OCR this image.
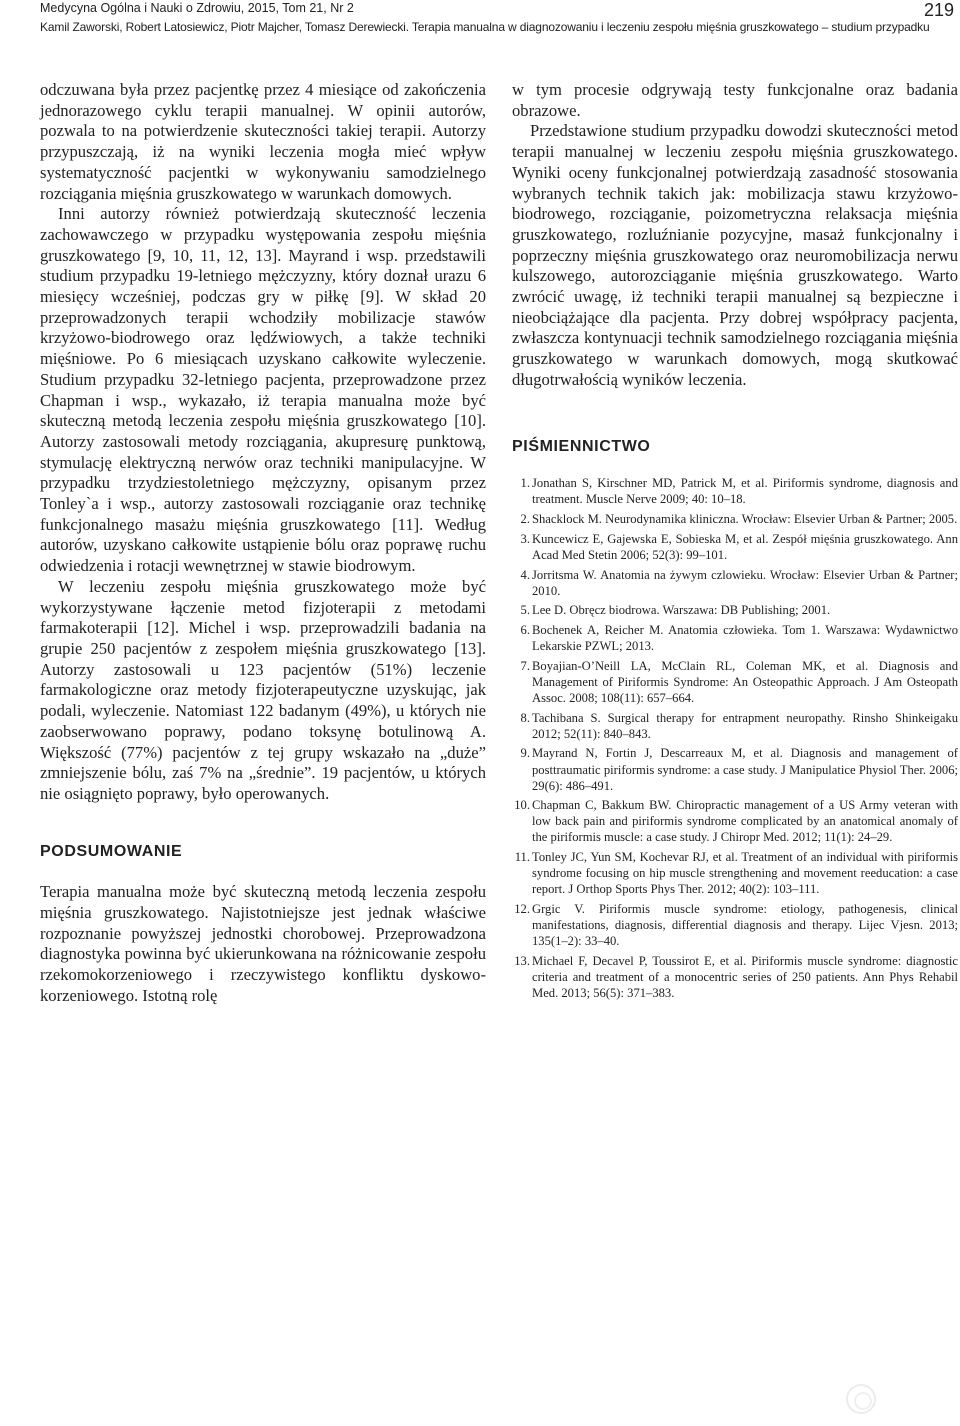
Medycyna Ogólna i Nauki o Zdrowiu, 2015, Tom 21, Nr 2	219
Kamil Zaworski, Robert Latosiewicz, Piotr Majcher, Tomasz Derewiecki. Terapia manualna w diagnozowaniu i leczeniu zespołu mięśnia gruszkowatego – studium przypadku

odczuwana była przez pacjentkę przez 4 miesiące od zakończenia jednorazowego cyklu terapii manualnej. W opinii autorów, pozwala to na potwierdzenie skuteczności takiej terapii. Autorzy przypuszczają, iż na wyniki leczenia mogła mieć wpływ systematyczność pacjentki w wykonywaniu samodzielnego rozciągania mięśnia gruszkowatego w warunkach domowych.

Inni autorzy również potwierdzają skuteczność leczenia zachowawczego w przypadku występowania zespołu mięśnia gruszkowatego [9, 10, 11, 12, 13]. Mayrand i wsp. przedstawili studium przypadku 19-letniego mężczyzny, który doznał urazu 6 miesięcy wcześniej, podczas gry w piłkę [9]. W skład 20 przeprowadzonych terapii wchodziły mobilizacje stawów krzyżowo-biodrowego oraz lędźwiowych, a także techniki mięśniowe. Po 6 miesiącach uzyskano całkowite wyleczenie. Studium przypadku 32-letniego pacjenta, przeprowadzone przez Chapman i wsp., wykazało, iż terapia manualna może być skuteczną metodą leczenia zespołu mięśnia gruszkowatego [10]. Autorzy zastosowali metody rozciągania, akupresurę punktową, stymulację elektryczną nerwów oraz techniki manipulacyjne. W przypadku trzydziestoletniego mężczyzny, opisanym przez Tonley`a i wsp., autorzy zastosowali rozciąganie oraz technikę funkcjonalnego masażu mięśnia gruszkowatego [11]. Według autorów, uzyskano całkowite ustąpienie bólu oraz poprawę ruchu odwiedzenia i rotacji wewnętrznej w stawie biodrowym.

W leczeniu zespołu mięśnia gruszkowatego może być wykorzystywane łączenie metod fizjoterapii z metodami farmakoterapii [12]. Michel i wsp. przeprowadzili badania na grupie 250 pacjentów z zespołem mięśnia gruszkowatego [13]. Autorzy zastosowali u 123 pacjentów (51%) leczenie farmakologiczne oraz metody fizjoterapeutyczne uzyskując, jak podali, wyleczenie. Natomiast 122 badanym (49%), u których nie zaobserwowano poprawy, podano toksynę botulinową A. Większość (77%) pacjentów z tej grupy wskazało na „duże” zmniejszenie bólu, zaś 7% na „średnie”. 19 pacjentów, u których nie osiągnięto poprawy, było operowanych.

PODSUMOWANIE

Terapia manualna może być skuteczną metodą leczenia zespołu mięśnia gruszkowatego. Najistotniejsze jest jednak właściwe rozpoznanie powyższej jednostki chorobowej. Przeprowadzona diagnostyka powinna być ukierunkowana na różnicowanie zespołu rzekomokorzeniowego i rzeczywistego konfliktu dyskowo-korzeniowego. Istotną rolę

w tym procesie odgrywają testy funkcjonalne oraz badania obrazowe.

Przedstawione studium przypadku dowodzi skuteczności metod terapii manualnej w leczeniu zespołu mięśnia gruszkowatego. Wyniki oceny funkcjonalnej potwierdzają zasadność stosowania wybranych technik takich jak: mobilizacja stawu krzyżowo-biodrowego, rozciąganie, poizometryczna relaksacja mięśnia gruszkowatego, rozluźnianie pozycyjne, masaż funkcjonalny i poprzeczny mięśnia gruszkowatego oraz neuromobilizacja nerwu kulszowego, autorozciąganie mięśnia gruszkowatego. Warto zwrócić uwagę, iż techniki terapii manualnej są bezpieczne i nieobciążające dla pacjenta. Przy dobrej współpracy pacjenta, zwłaszcza kontynuacji technik samodzielnego rozciągania mięśnia gruszkowatego w warunkach domowych, mogą skutkować długotrwałością wyników leczenia.

PIŚMIENNICTWO
1. Jonathan S, Kirschner MD, Patrick M, et al. Piriformis syndrome, diagnosis and treatment. Muscle Nerve 2009; 40: 10–18.
2. Shacklock M. Neurodynamika kliniczna. Wrocław: Elsevier Urban & Partner; 2005.
3. Kuncewicz E, Gajewska E, Sobieska M, et al. Zespół mięśnia gruszkowatego. Ann Acad Med Stetin 2006; 52(3): 99–101.
4. Jorritsma W. Anatomia na żywym czlowieku. Wrocław: Elsevier Urban & Partner; 2010.
5. Lee D. Obręcz biodrowa. Warszawa: DB Publishing; 2001.
6. Bochenek A, Reicher M. Anatomia człowieka. Tom 1. Warszawa: Wydawnictwo Lekarskie PZWL; 2013.
7. Boyajian-O’Neill LA, McClain RL, Coleman MK, et al. Diagnosis and Management of Piriformis Syndrome: An Osteopathic Approach. J Am Osteopath Assoc. 2008; 108(11): 657–664.
8. Tachibana S. Surgical therapy for entrapment neuropathy. Rinsho Shinkeigaku 2012; 52(11): 840–843.
9. Mayrand N, Fortin J, Descarreaux M, et al. Diagnosis and management of posttraumatic piriformis syndrome: a case study. J Manipulatice Physiol Ther. 2006; 29(6): 486–491.
10. Chapman C, Bakkum BW. Chiropractic management of a US Army veteran with low back pain and piriformis syndrome complicated by an anatomical anomaly of the piriformis muscle: a case study. J Chiropr Med. 2012; 11(1): 24–29.
11. Tonley JC, Yun SM, Kochevar RJ, et al. Treatment of an individual with piriformis syndrome focusing on hip muscle strengthening and movement reeducation: a case report. J Orthop Sports Phys Ther. 2012; 40(2): 103–111.
12. Grgic V. Piriformis muscle syndrome: etiology, pathogenesis, clinical manifestations, diagnosis, differential diagnosis and therapy. Lijec Vjesn. 2013; 135(1–2): 33–40.
13. Michael F, Decavel P, Toussirot E, et al. Piriformis muscle syndrome: diagnostic criteria and treatment of a monocentric series of 250 patients. Ann Phys Rehabil Med. 2013; 56(5): 371–383.
